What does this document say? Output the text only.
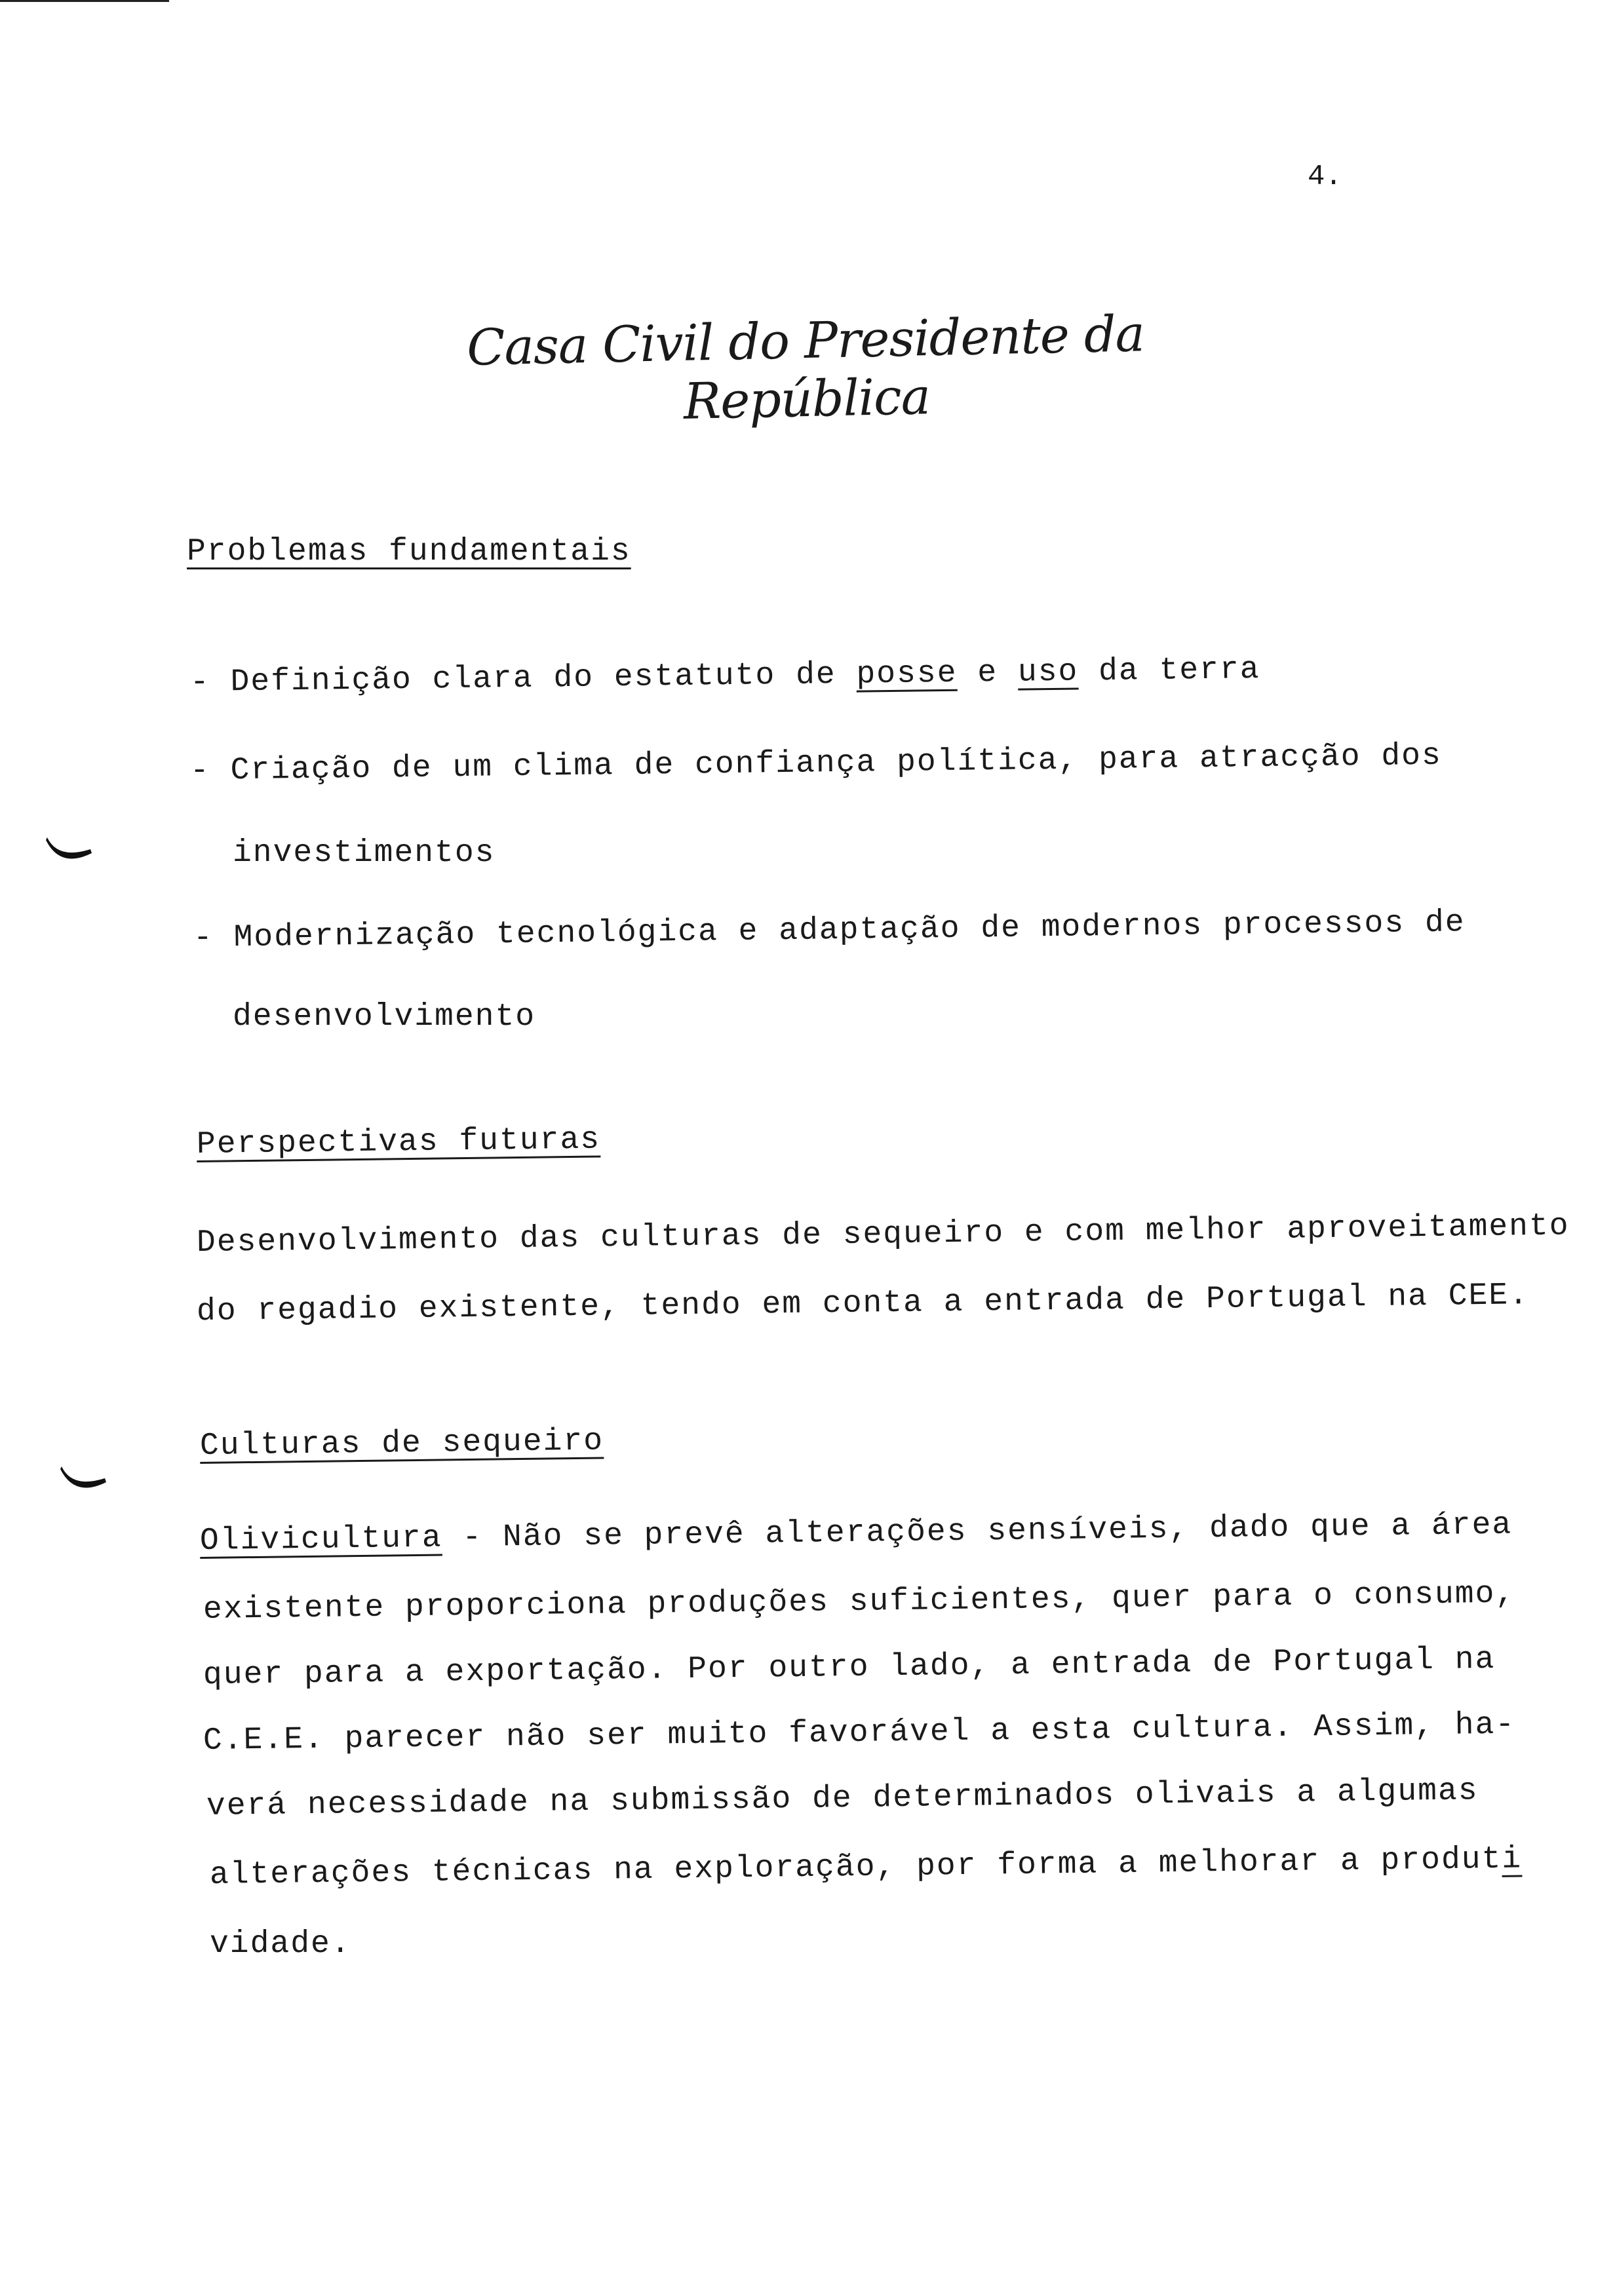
4.
Casa Civil do Presidente da República
Problemas fundamentais
- Definição clara do estatuto de posse e uso da terra
- Criação de um clima de confiança política, para atracção dos
investimentos
- Modernização tecnológica e adaptação de modernos processos de
desenvolvimento
Perspectivas futuras
Desenvolvimento das culturas de sequeiro e com melhor aproveitamento
do regadio existente, tendo em conta a entrada de Portugal na CEE.
Culturas de sequeiro
Olivicultura - Não se prevê alterações sensíveis, dado que a área
existente proporciona produções suficientes, quer para o consumo,
quer para a exportação. Por outro lado, a entrada de Portugal na
C.E.E. parecer não ser muito favorável a esta cultura. Assim, ha-
verá necessidade na submissão de determinados olivais a algumas
alterações técnicas na exploração, por forma a melhorar a produti
vidade.
